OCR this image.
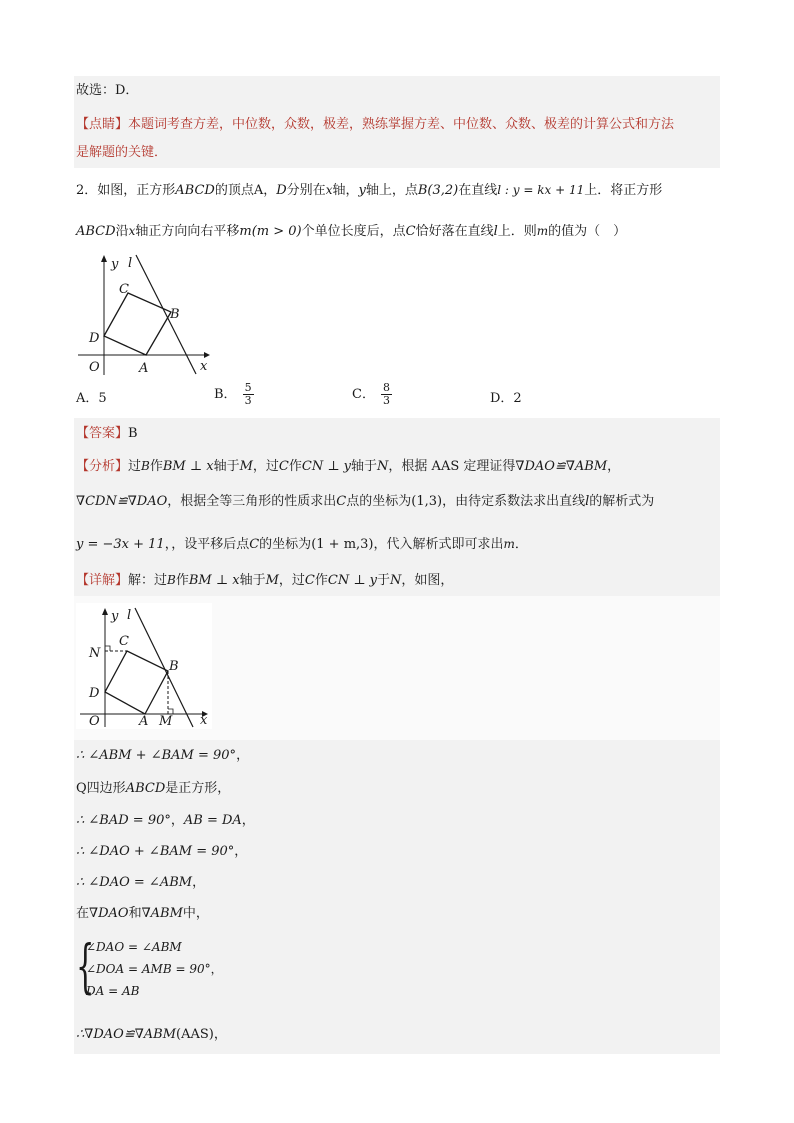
故选：D．
【点睛】本题词考查方差，中位数，众数，极差，熟练掌握方差、中位数、众数、极差的计算公式和方法
是解题的关键．
2．如图，正方形ABCD的顶点A，D分别在x轴，y轴上，点B(3,2)在直线l : y = kx + 11上．将正方形
ABCD沿x轴正方向向右平移m(m > 0)个单位长度后，点C恰好落在直线l上．则m的值为（　）
y l
C
B
D
O	A	x
A．5	B． $\frac{5}{3}$	C． $\frac{8}{3}$	D．2
【答案】B
【分析】过B作BM ⊥ x轴于M，过C作CN ⊥ y轴于N，根据 AAS 定理证得∇DAO≌∇ABM，
∇CDN≌∇DAO，根据全等三角形的性质求出C点的坐标为(1,3)，由待定系数法求出直线l的解析式为
y = −3x + 11，，设平移后点C的坐标为(1 + m,3)，代入解析式即可求出m．
【详解】解：过B作BM ⊥ x轴于M，过C作CN ⊥ y于N，如图，
y l
N
C
B
D
O	A M x
∴ ∠ABM + ∠BAM = 90°，
Q四边形ABCD是正方形，
∴ ∠BAD = 90°，AB = DA，
∴ ∠DAO + ∠BAM = 90°，
∴ ∠DAO = ∠ABM，
在∇DAO和∇ABM中，
{
∠DAO = ∠ABM
∠DOA = AMB = 90°，
DA = AB
∴∇DAO≌∇ABM(AAS)，
